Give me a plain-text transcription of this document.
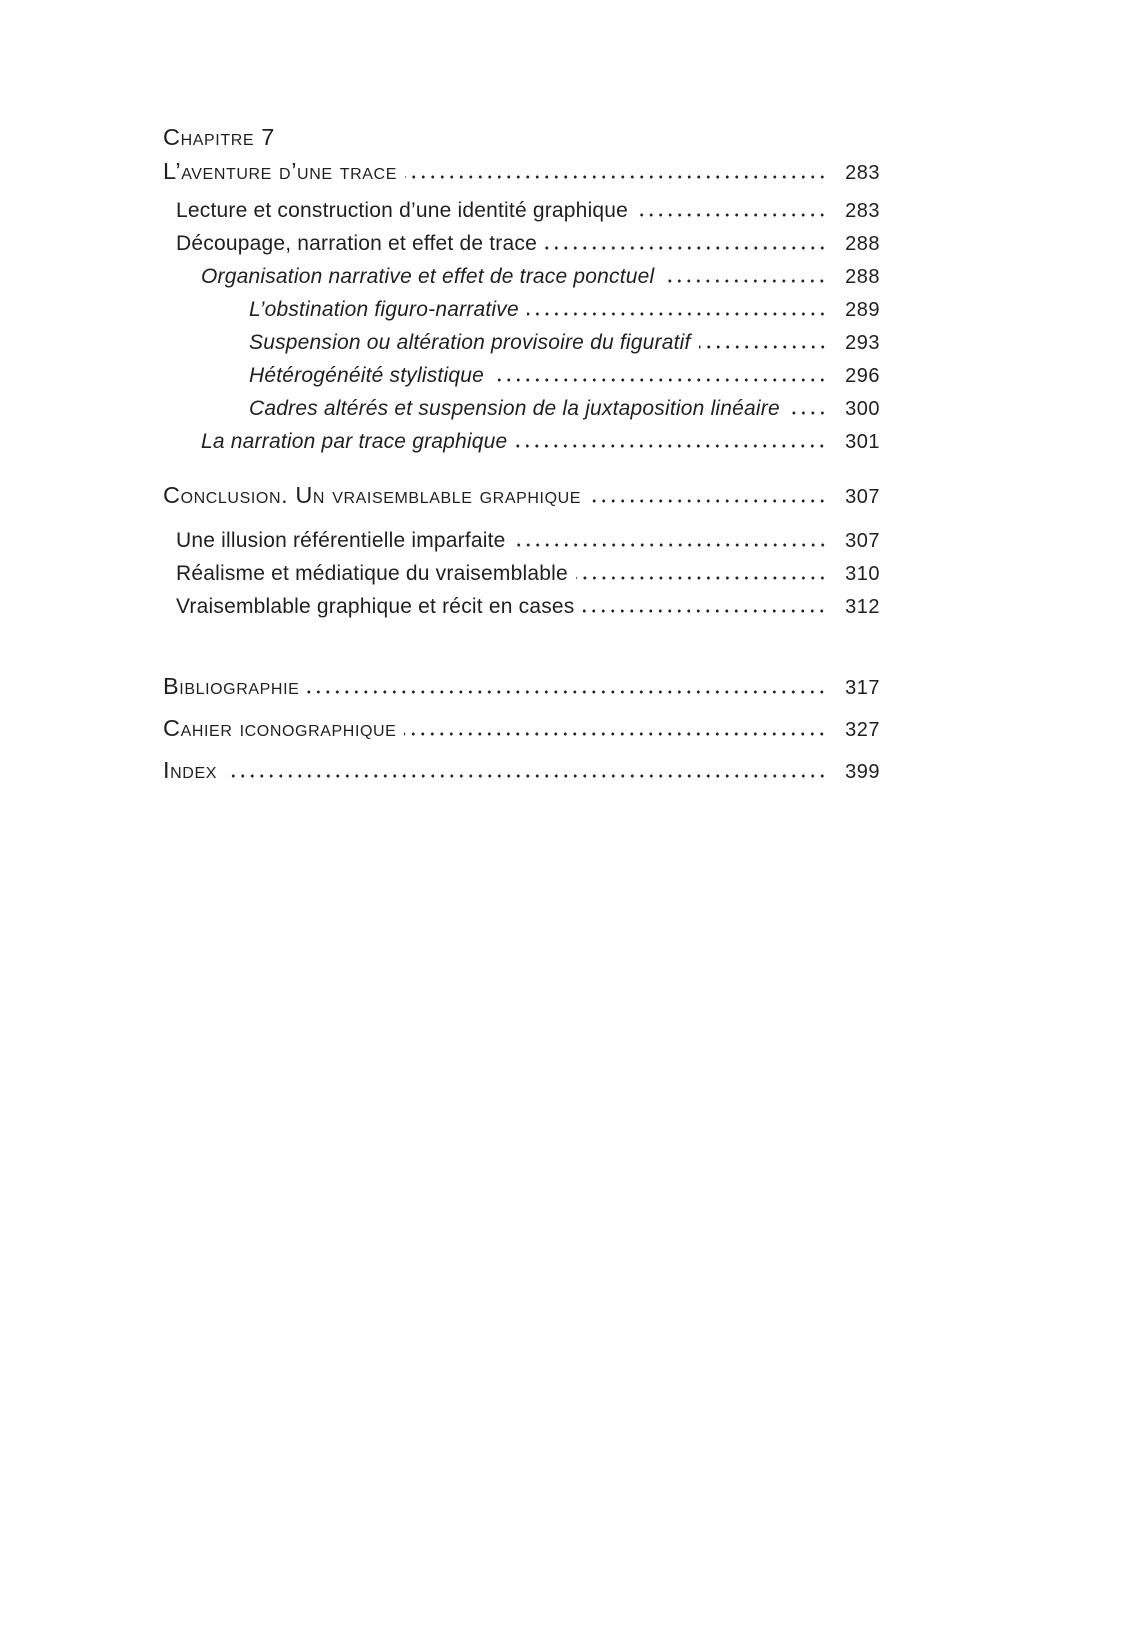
Chapitre 7
L’aventure d’une trace	283
Lecture et construction d’une identité graphique	283
Découpage, narration et effet de trace	288
Organisation narrative et effet de trace ponctuel	288
L’obstination figuro-narrative	289
Suspension ou altération provisoire du figuratif	293
Hétérogénéité stylistique	296
Cadres altérés et suspension de la juxtaposition linéaire	300
La narration par trace graphique	301
Conclusion. Un vraisemblable graphique	307
Une illusion référentielle imparfaite	307
Réalisme et médiatique du vraisemblable	310
Vraisemblable graphique et récit en cases	312
Bibliographie	317
Cahier iconographique	327
Index	399
